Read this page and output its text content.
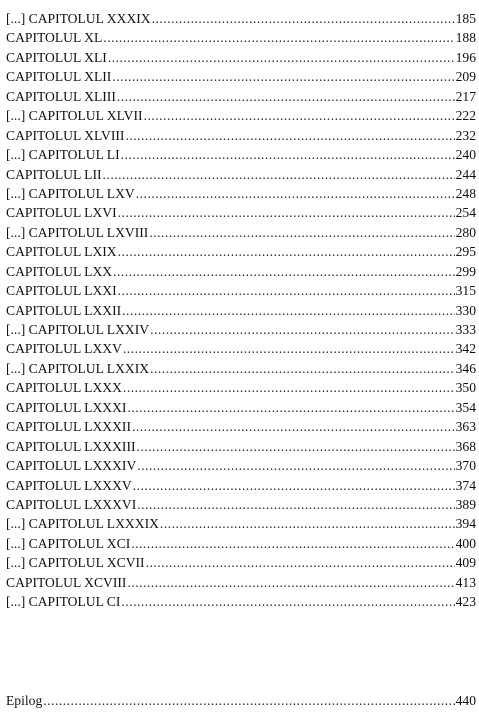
[...] CAPITOLUL XXXIX .....	185
CAPITOLUL XL .....	188
CAPITOLUL XLI .....	196
CAPITOLUL XLII .....	209
CAPITOLUL XLIII .....	217
[...] CAPITOLUL XLVII .....	222
CAPITOLUL XLVIII .....	232
[...] CAPITOLUL LI .....	240
CAPITOLUL LII .....	244
[...] CAPITOLUL LXV .....	248
CAPITOLUL LXVI .....	254
[...] CAPITOLUL LXVIII .....	280
CAPITOLUL LXIX .....	295
CAPITOLUL LXX .....	299
CAPITOLUL LXXI .....	315
CAPITOLUL LXXII .....	330
[...] CAPITOLUL LXXIV .....	333
CAPITOLUL LXXV .....	342
[...] CAPITOLUL LXXIX .....	346
CAPITOLUL LXXX .....	350
CAPITOLUL LXXXI .....	354
CAPITOLUL LXXXII .....	363
CAPITOLUL LXXXIII .....	368
CAPITOLUL LXXXIV .....	370
CAPITOLUL LXXXV .....	374
CAPITOLUL LXXXVI .....	389
[...] CAPITOLUL LXXXIX .....	394
[...] CAPITOLUL XCI .....	400
[...] CAPITOLUL XCVII .....	409
CAPITOLUL XCVIII .....	413
[...] CAPITOLUL CI .....	423
Epilog .....	440
